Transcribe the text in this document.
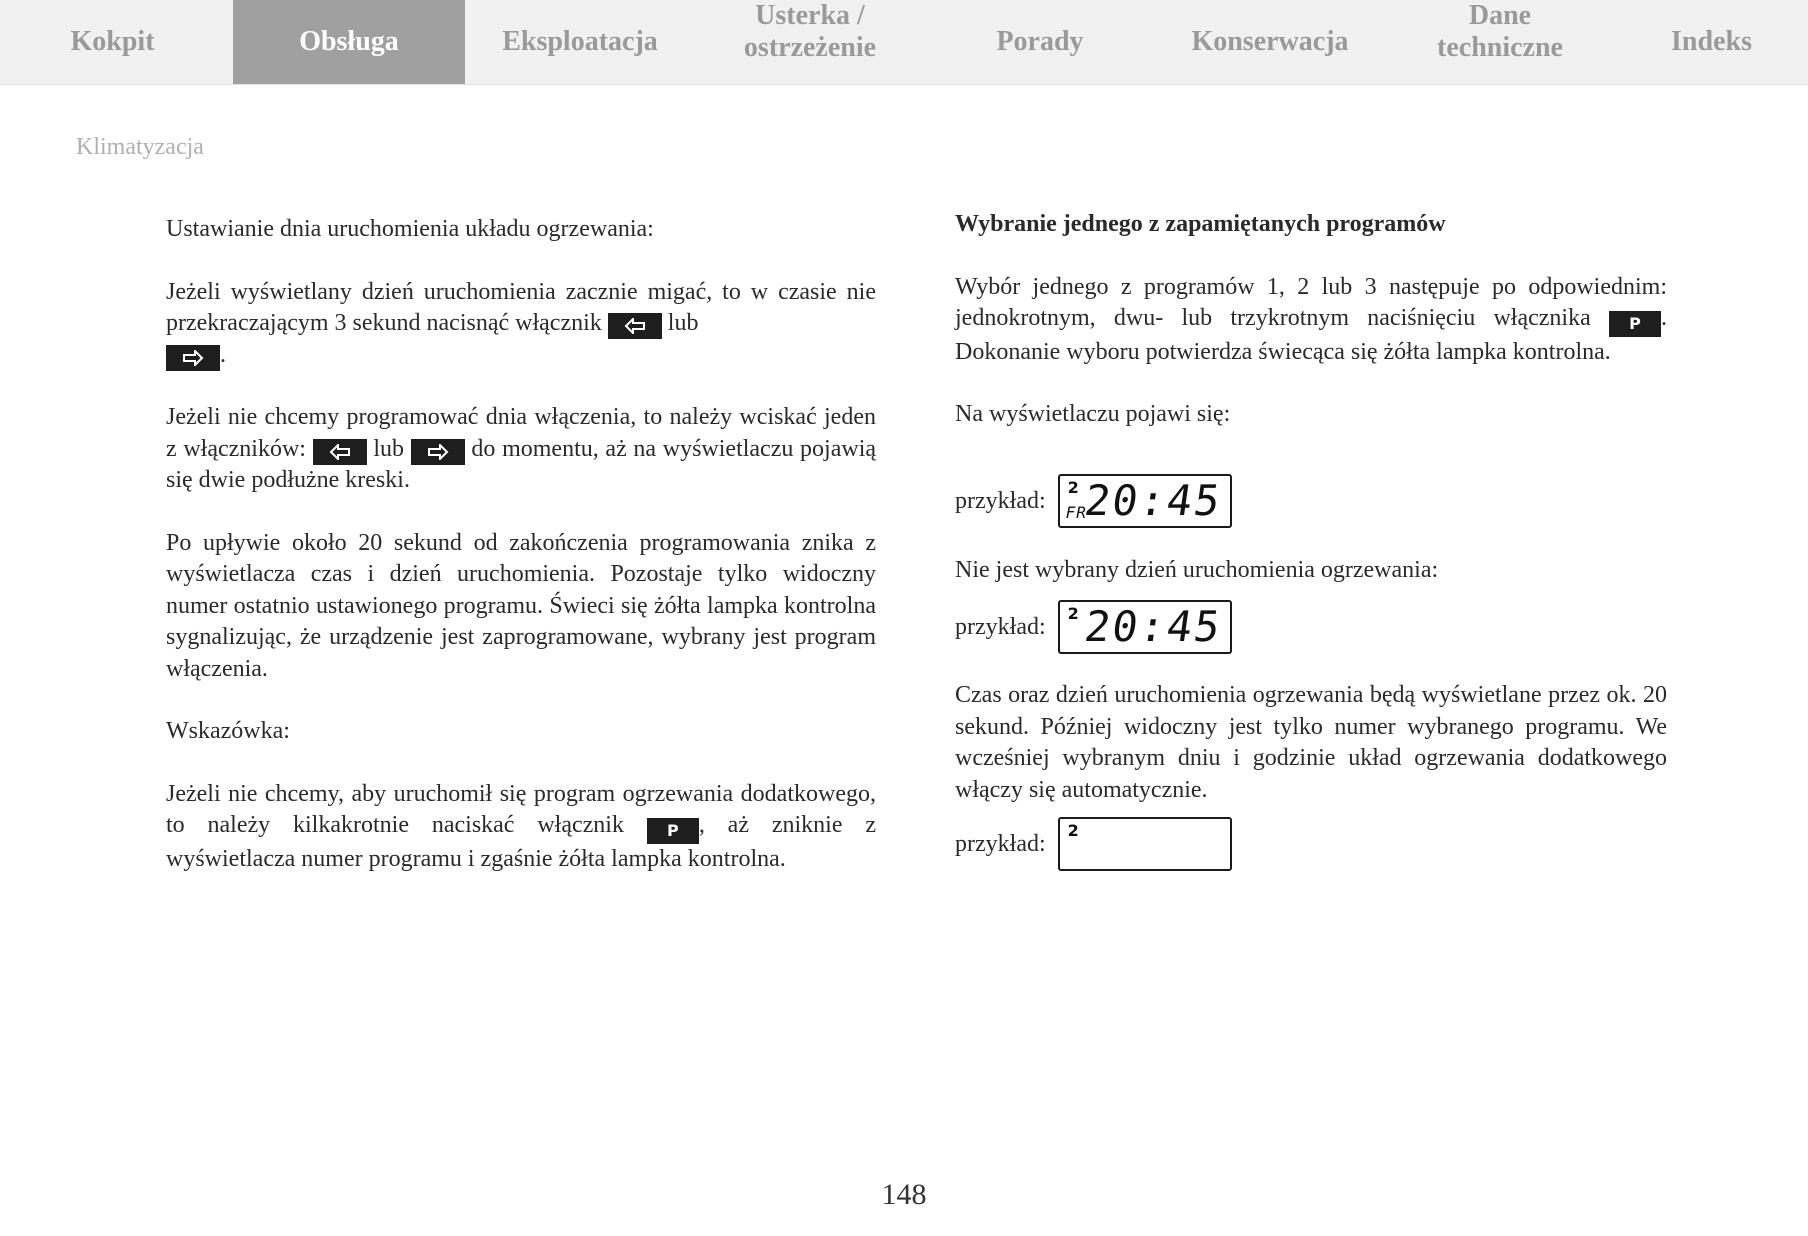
Kokpit	Obsługa	Eksploatacja
Usterka /
ostrzeżenie	Porady	Konserwacja
Dane
techniczne	Indeks
Klimatyzacja

Ustawianie dnia uruchomienia układu ogrzewania:

Jeżeli wyświetlany dzień uruchomienia zacznie migać, to w czasie nie przekraczającym 3 sekund nacisnąć włącznik	lub

.

Jeżeli nie chcemy programować dnia włączenia, to należy wciskać jeden z włączników:	lub	do momentu, aż na wyświetlaczu pojawią się dwie podłużne kreski.

Po upływie około 20 sekund od zakończenia programowania znika z wyświetlacza czas i dzień uruchomienia. Pozostaje tylko widoczny numer ostatnio ustawionego programu. Świeci się żółta lampka kontrolna sygnalizując, że urządzenie jest zaprogramowane, wybrany jest program włączenia.

Wskazówka:

Jeżeli nie chcemy, aby uruchomił się program ogrzewania dodatkowego, to należy kilkakrotnie naciskać włącznik	P , aż zniknie z wyświetlacza numer programu i zgaśnie żółta lampka kontrolna.

Wybranie jednego z zapamiętanych programów

Wybór jednego z programów 1, 2 lub 3 następuje po odpowiednim: jednokrotnym, dwu- lub trzykrotnym naciśnięciu włącznika P . Dokonanie wyboru potwierdza świecąca się żółta lampka kontrolna.

Na wyświetlaczu pojawi się:

przykład: 2
FR
20:45

Nie jest wybrany dzień uruchomienia ogrzewania:

przykład: 2 20:45

Czas oraz dzień uruchomienia ogrzewania będą wyświetlane przez ok. 20 sekund. Później widoczny jest tylko numer wybranego programu. We wcześniej wybranym dniu i godzinie układ ogrzewania dodatkowego włączy się automatycznie.

przykład: 2
148
